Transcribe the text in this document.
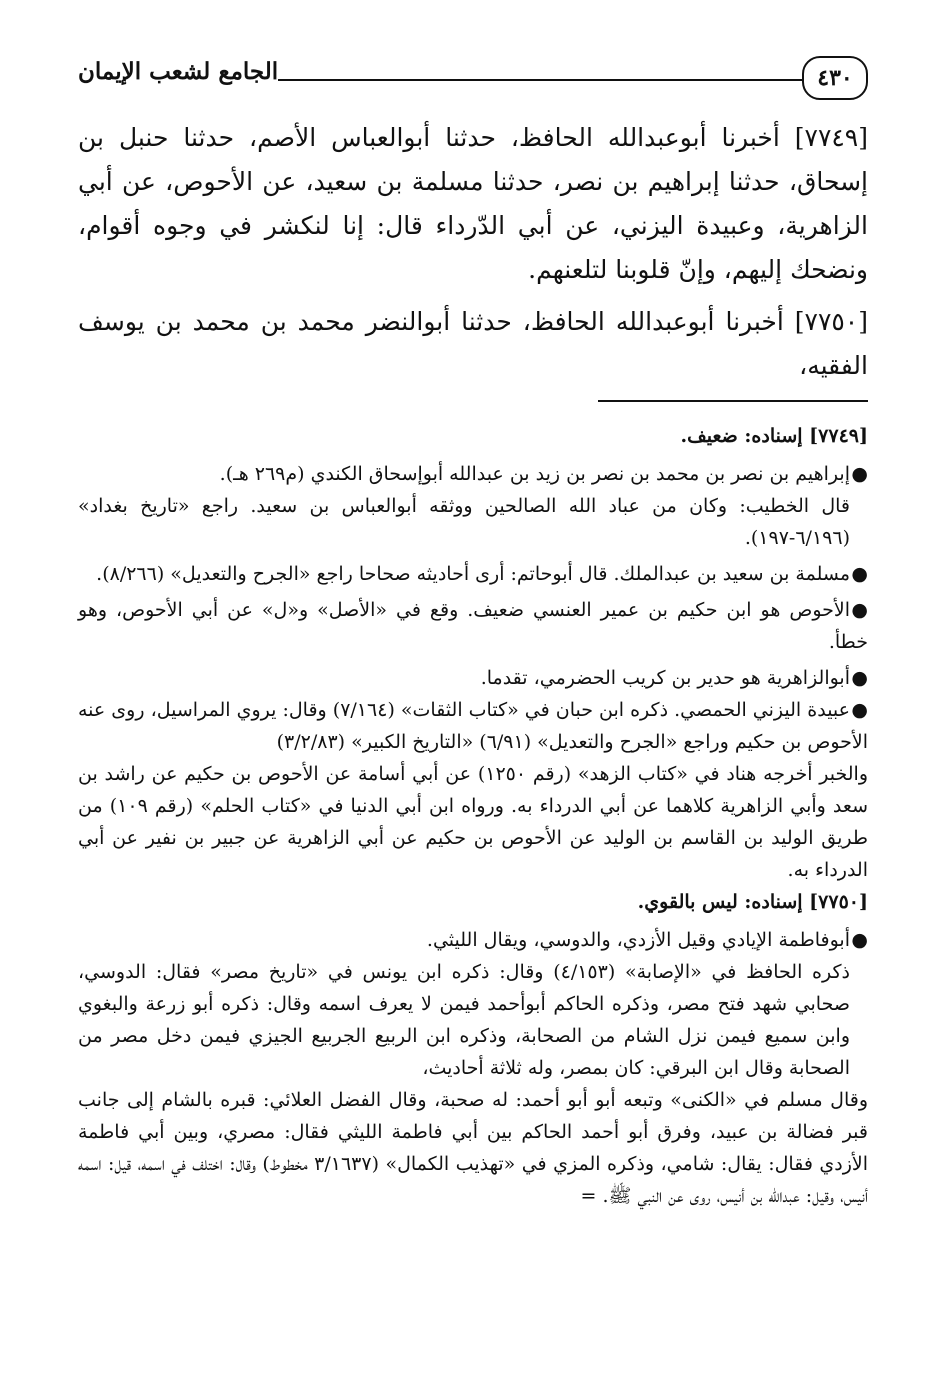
٤٣٠
الجامع لشعب الإيمان

[٧٧٤٩] أخبرنا أبوعبدالله الحافظ، حدثنا أبوالعباس الأصم، حدثنا حنبل بن إسحاق، حدثنا إبراهيم بن نصر، حدثنا مسلمة بن سعيد، عن الأحوص، عن أبي الزاهرية، وعبيدة اليزني، عن أبي الدّرداء قال: إنا لنكشر في وجوه أقوام، ونضحك إليهم، وإنّ قلوبنا لتلعنهم.

[٧٧٥٠] أخبرنا أبوعبدالله الحافظ، حدثنا أبوالنضر محمد بن محمد بن يوسف الفقيه،

[٧٧٤٩] إسناده: ضعيف.

●إبراهيم بن نصر بن محمد بن نصر بن زيد بن عبدالله أبوإسحاق الكندي (م٢٦٩ هـ).

قال الخطيب: وكان من عباد الله الصالحين ووثقه أبوالعباس بن سعيد. راجع «تاريخ بغداد» (٦/١٩٦-١٩٧).

●مسلمة بن سعيد بن عبدالملك. قال أبوحاتم: أرى أحاديثه صحاحا راجع «الجرح والتعديل» (٨/٢٦٦).

●الأحوص هو ابن حكيم بن عمير العنسي ضعيف. وقع في «الأصل» و«ل» عن أبي الأحوص، وهو خطأ.

●أبوالزاهرية هو حدير بن كريب الحضرمي، تقدما.

●عبيدة اليزني الحمصي. ذكره ابن حبان في «كتاب الثقات» (٧/١٦٤) وقال: يروي المراسيل، روى عنه الأحوص بن حكيم وراجع «الجرح والتعديل» (٦/٩١) «التاريخ الكبير» (٣/٢/٨٣)

والخبر أخرجه هناد في «كتاب الزهد» (رقم ١٢٥٠) عن أبي أسامة عن الأحوص بن حكيم عن راشد بن سعد وأبي الزاهرية كلاهما عن أبي الدرداء به. ورواه ابن أبي الدنيا في «كتاب الحلم» (رقم ١٠٩) من طريق الوليد بن القاسم بن الوليد عن الأحوص بن حكيم عن أبي الزاهرية عن جبير بن نفير عن أبي الدرداء به.

[٧٧٥٠] إسناده: ليس بالقوي.

●أبوفاطمة الإيادي وقيل الأزدي، والدوسي، ويقال الليثي.

ذكره الحافظ في «الإصابة» (٤/١٥٣) وقال: ذكره ابن يونس في «تاريخ مصر» فقال: الدوسي، صحابي شهد فتح مصر، وذكره الحاكم أبوأحمد فيمن لا يعرف اسمه وقال: ذكره أبو زرعة والبغوي وابن سميع فيمن نزل الشام من الصحابة، وذكره ابن الربيع الجربيع الجيزي فيمن دخل مصر من الصحابة وقال ابن البرقي: كان بمصر، وله ثلاثة أحاديث،

وقال مسلم في «الكنى» وتبعه أبو أبو أحمد: له صحبة، وقال الفضل العلائي: قبره بالشام إلى جانب قبر فضالة بن عبيد، وفرق أبو أحمد الحاكم بين أبي فاطمة الليثي فقال: مصري، وبين أبي فاطمة الأزدي فقال: يقال: شامي، وذكره المزي في «تهذيب الكمال» (٣/١٦٣٧ مخطوط) وقال: اختلف في اسمه، قيل: اسمه أنيس، وقيل: عبدالله بن أنيس، روى عن النبي ﷺ. =
